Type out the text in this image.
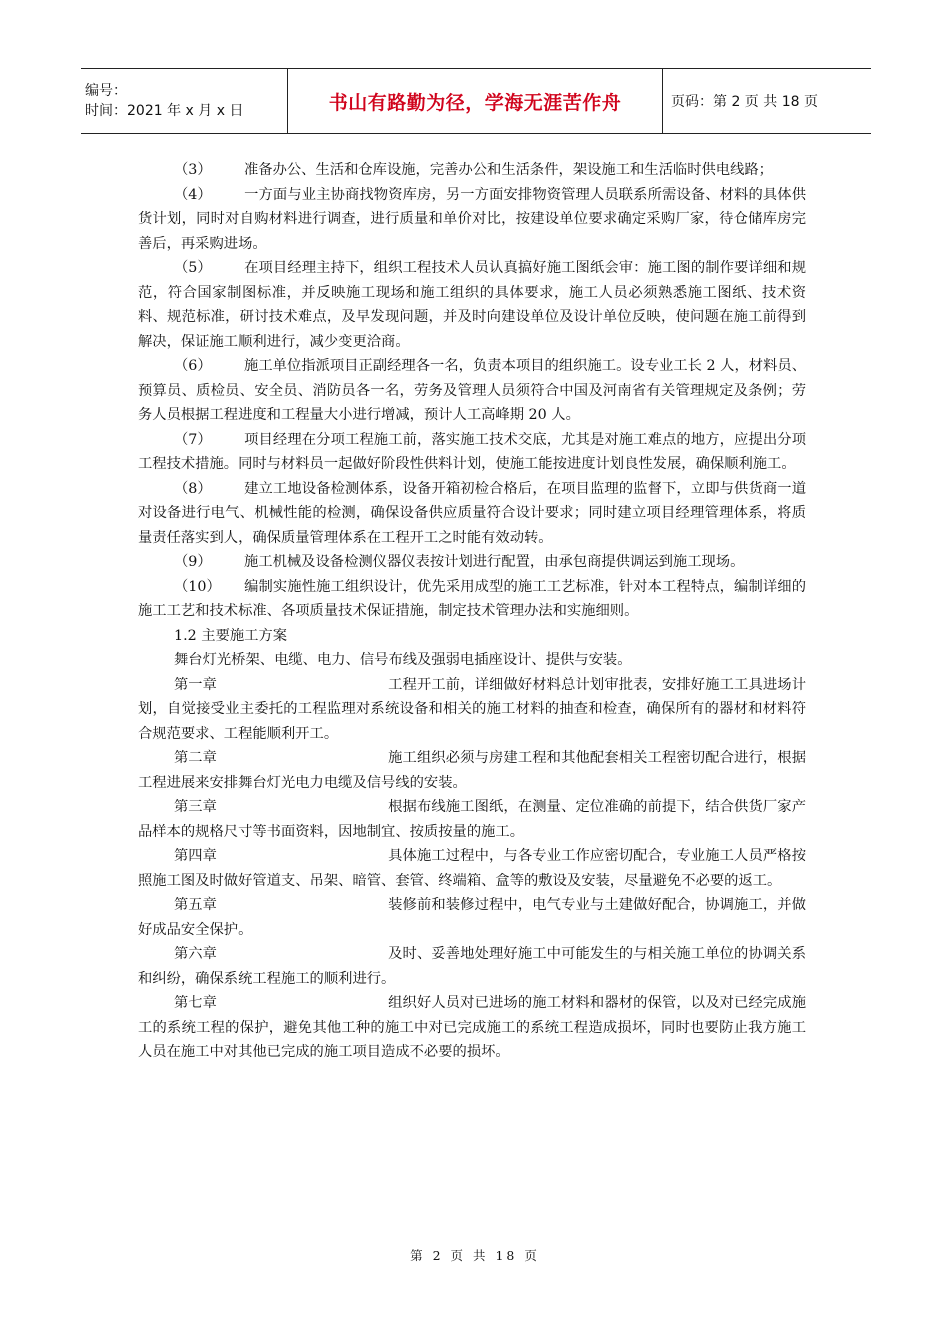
编号：
时间：2021 年 x 月 x 日	书山有路勤为径，学海无涯苦作舟	页码：第 2 页 共 18 页

（3） 准备办公、生活和仓库设施，完善办公和生活条件，架设施工和生活临时供电线路；

（4） 一方面与业主协商找物资库房，另一方面安排物资管理人员联系所需设备、材料的具体供货计划，同时对自购材料进行调查，进行质量和单价对比，按建设单位要求确定采购厂家，待仓储库房完善后，再采购进场。

（5） 在项目经理主持下，组织工程技术人员认真搞好施工图纸会审：施工图的制作要详细和规范，符合国家制图标准，并反映施工现场和施工组织的具体要求，施工人员必须熟悉施工图纸、技术资料、规范标准，研讨技术难点，及早发现问题，并及时向建设单位及设计单位反映，使问题在施工前得到解决，保证施工顺利进行，减少变更洽商。

（6） 施工单位指派项目正副经理各一名，负责本项目的组织施工。设专业工长 2 人，材料员、预算员、质检员、安全员、消防员各一名，劳务及管理人员须符合中国及河南省有关管理规定及条例；劳务人员根据工程进度和工程量大小进行增减，预计人工高峰期 20 人。

（7） 项目经理在分项工程施工前，落实施工技术交底，尤其是对施工难点的地方，应提出分项工程技术措施。同时与材料员一起做好阶段性供料计划，使施工能按进度计划良性发展，确保顺利施工。

（8） 建立工地设备检测体系，设备开箱初检合格后，在项目监理的监督下，立即与供货商一道对设备进行电气、机械性能的检测，确保设备供应质量符合设计要求；同时建立项目经理管理体系，将质量责任落实到人，确保质量管理体系在工程开工之时能有效动转。

（9） 施工机械及设备检测仪器仪表按计划进行配置，由承包商提供调运到施工现场。

（10） 编制实施性施工组织设计，优先采用成型的施工工艺标准，针对本工程特点，编制详细的施工工艺和技术标准、各项质量技术保证措施，制定技术管理办法和实施细则。

1.2 主要施工方案

舞台灯光桥架、电缆、电力、信号布线及强弱电插座设计、提供与安装。

第一章	工程开工前，详细做好材料总计划审批表，安排好施工工具进场计划，自觉接受业主委托的工程监理对系统设备和相关的施工材料的抽查和检查，确保所有的器材和材料符合规范要求、工程能顺利开工。

第二章	施工组织必须与房建工程和其他配套相关工程密切配合进行，根据工程进展来安排舞台灯光电力电缆及信号线的安装。

第三章	根据布线施工图纸，在测量、定位准确的前提下，结合供货厂家产品样本的规格尺寸等书面资料，因地制宜、按质按量的施工。

第四章	具体施工过程中，与各专业工作应密切配合，专业施工人员严格按照施工图及时做好管道支、吊架、暗管、套管、终端箱、盒等的敷设及安装，尽量避免不必要的返工。

第五章	装修前和装修过程中，电气专业与土建做好配合，协调施工，并做好成品安全保护。

第六章	及时、妥善地处理好施工中可能发生的与相关施工单位的协调关系和纠纷，确保系统工程施工的顺利进行。

第七章	组织好人员对已进场的施工材料和器材的保管，以及对已经完成施工的系统工程的保护，避免其他工种的施工中对已完成施工的系统工程造成损坏，同时也要防止我方施工人员在施工中对其他已完成的施工项目造成不必要的损坏。

第 2 页 共 18 页
